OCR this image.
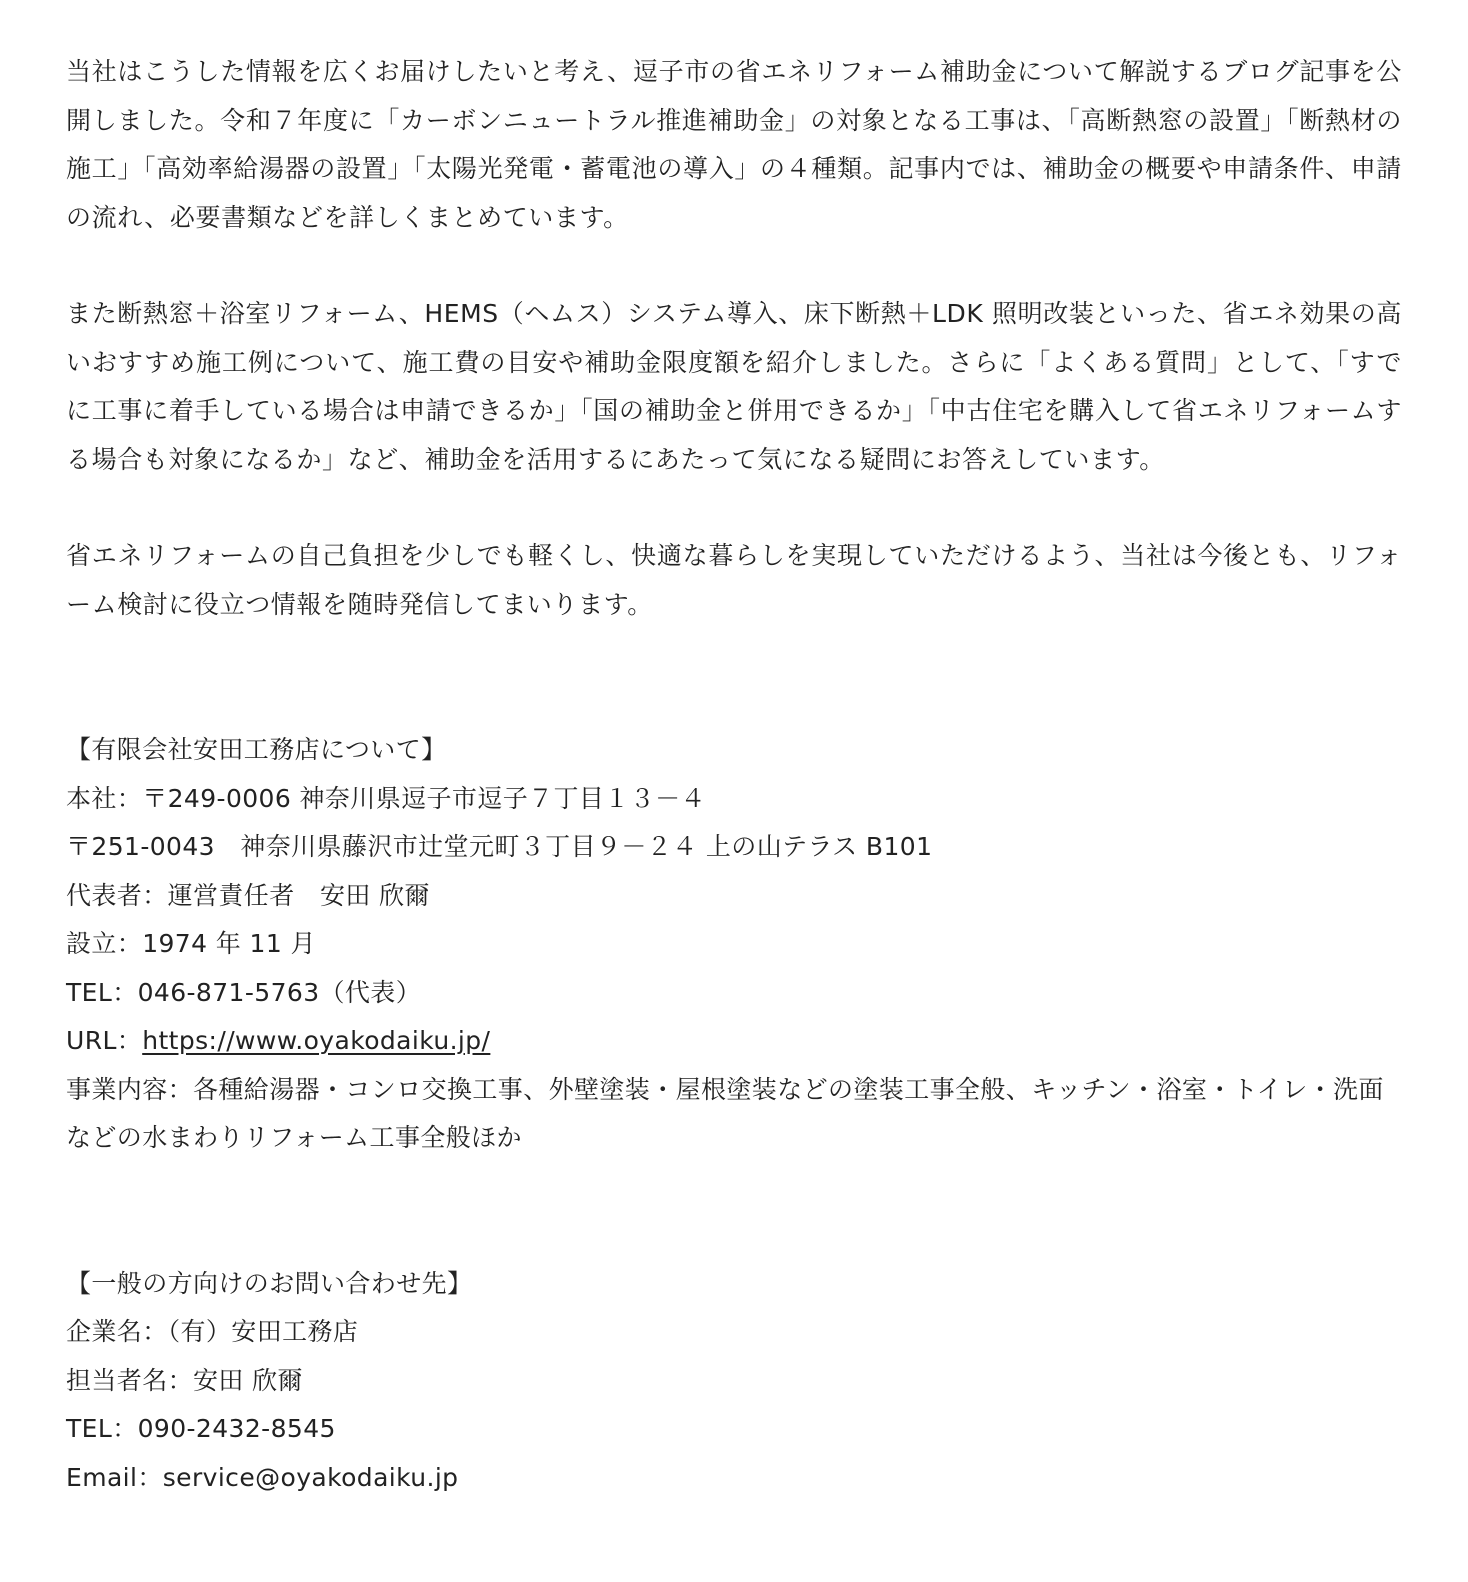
当社はこうした情報を広くお届けしたいと考え、逗子市の省エネリフォーム補助金について解説するブログ記事を公開しました。令和７年度に「カーボンニュートラル推進補助金」の対象となる工事は、「高断熱窓の設置」「断熱材の施工」「高効率給湯器の設置」「太陽光発電・蓄電池の導入」の４種類。記事内では、補助金の概要や申請条件、申請の流れ、必要書類などを詳しくまとめています。

また断熱窓＋浴室リフォーム、HEMS（ヘムス）システム導入、床下断熱＋LDK 照明改装といった、省エネ効果の高いおすすめ施工例について、施工費の目安や補助金限度額を紹介しました。さらに「よくある質問」として、「すでに工事に着手している場合は申請できるか」「国の補助金と併用できるか」「中古住宅を購入して省エネリフォームする場合も対象になるか」など、補助金を活用するにあたって気になる疑問にお答えしています。

省エネリフォームの自己負担を少しでも軽くし、快適な暮らしを実現していただけるよう、当社は今後とも、リフォーム検討に役立つ情報を随時発信してまいります。

【有限会社安田工務店について】
本社：〒249-0006 神奈川県逗子市逗子７丁目１３－４
〒251-0043　神奈川県藤沢市辻堂元町３丁目９－２４ 上の山テラス B101
代表者：運営責任者　安田 欣爾
設立：1974 年 11 月
TEL：046-871-5763（代表）
URL：https://www.oyakodaiku.jp/
事業内容：各種給湯器・コンロ交換工事、外壁塗装・屋根塗装などの塗装工事全般、キッチン・浴室・トイレ・洗面などの水まわりリフォーム工事全般ほか
【一般の方向けのお問い合わせ先】
企業名：（有）安田工務店
担当者名：安田 欣爾
TEL：090-2432-8545
Email：service@oyakodaiku.jp
